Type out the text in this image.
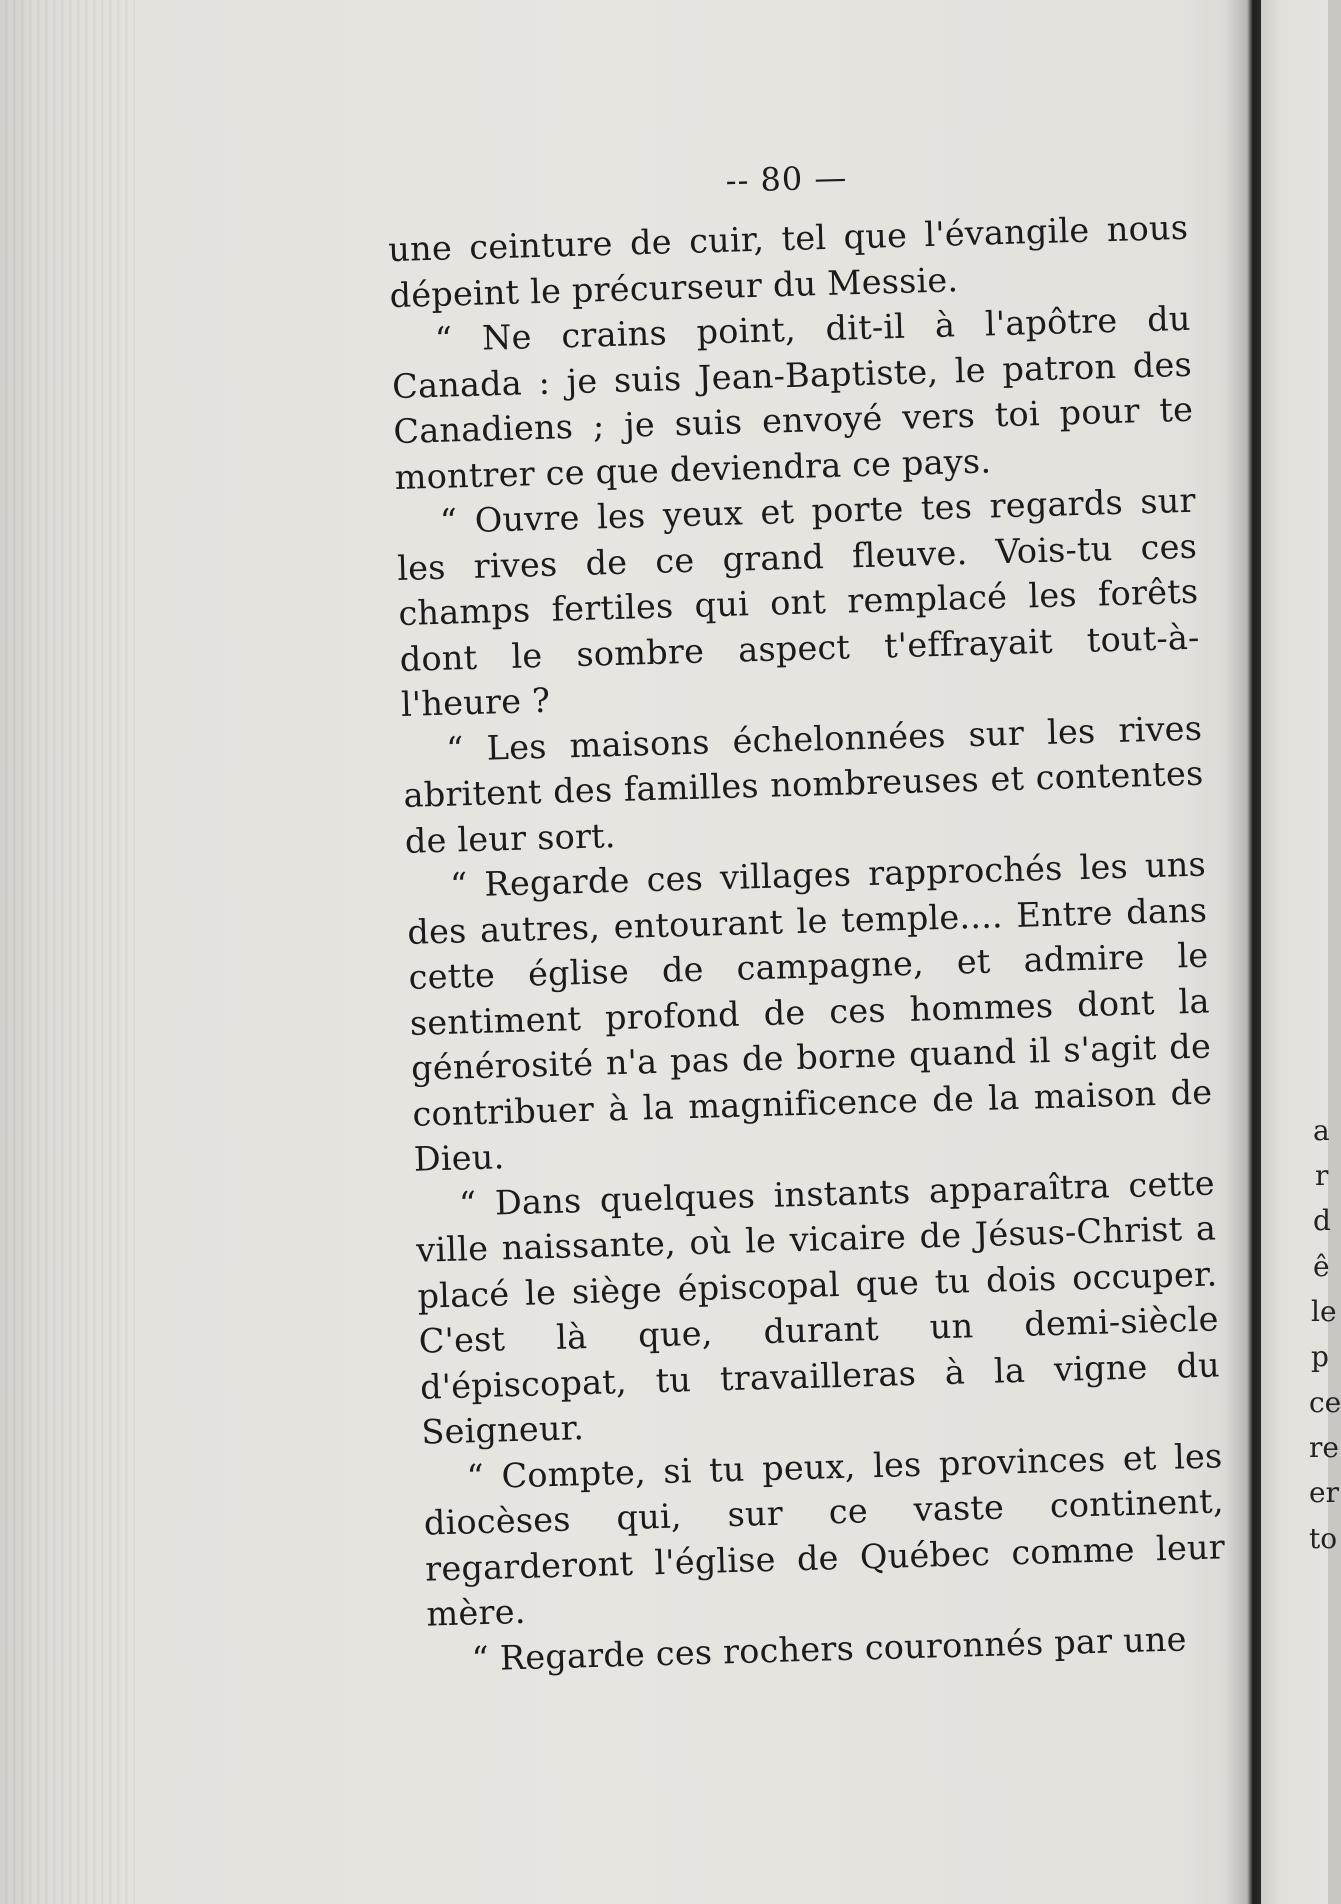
-- 80 —

une ceinture de cuir, tel que l'évangile nous dépeint le précurseur du Messie.

“ Ne crains point, dit-il à l'apôtre du Canada : je suis Jean-Baptiste, le patron des Canadiens ; je suis envoyé vers toi pour te montrer ce que deviendra ce pays.

“ Ouvre les yeux et porte tes regards sur les rives de ce grand fleuve. Vois-tu ces champs fertiles qui ont remplacé les forêts dont le sombre aspect t'effrayait tout-à-l'heure ?

“ Les maisons échelonnées sur les rives abritent des familles nombreuses et contentes de leur sort.

“ Regarde ces villages rapprochés les uns des autres, entourant le temple.... Entre dans cette église de campagne, et admire le sentiment profond de ces hommes dont la générosité n'a pas de borne quand il s'agit de contribuer à la magnificence de la maison de Dieu.

“ Dans quelques instants apparaîtra cette ville naissante, où le vicaire de Jésus-Christ a placé le siège épiscopal que tu dois occuper. C'est là que, durant un demi-siècle d'épiscopat, tu travailleras à la vigne du Seigneur.

“ Compte, si tu peux, les provinces et les diocèses qui, sur ce vaste continent, regarderont l'église de Québec comme leur mère.

“ Regarde ces rochers couronnés par une

a
r
d
ê
le
p
ce
re
er
to
